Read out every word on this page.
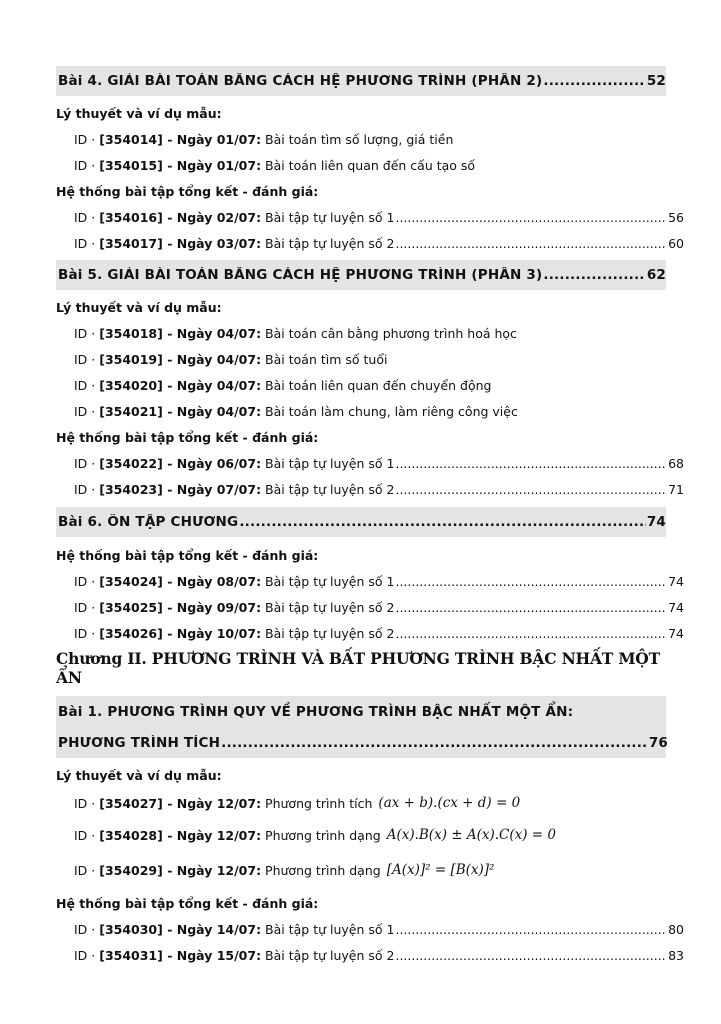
Bài 4. GIẢI BÀI TOÁN BẰNG CÁCH HỆ PHƯƠNG TRÌNH (PHẦN 2) .....	52
Lý thuyết và ví dụ mẫu:
ID · [354014] - Ngày 01/07: Bài toán tìm số lượng, giá tiền
ID · [354015] - Ngày 01/07: Bài toán liên quan đến cấu tạo số
Hệ thống bài tập tổng kết - đánh giá:
ID · [354016] - Ngày 02/07: Bài tập tự luyện số 1 .....	56
ID · [354017] - Ngày 03/07: Bài tập tự luyện số 2 .....	60
Bài 5. GIẢI BÀI TOÁN BẰNG CÁCH HỆ PHƯƠNG TRÌNH (PHẦN 3) .....	62
Lý thuyết và ví dụ mẫu:
ID · [354018] - Ngày 04/07: Bài toán cân bằng phương trình hoá học
ID · [354019] - Ngày 04/07: Bài toán tìm số tuổi
ID · [354020] - Ngày 04/07: Bài toán liên quan đến chuyển động
ID · [354021] - Ngày 04/07: Bài toán làm chung, làm riêng công việc
Hệ thống bài tập tổng kết - đánh giá:
ID · [354022] - Ngày 06/07: Bài tập tự luyện số 1 .....	68
ID · [354023] - Ngày 07/07: Bài tập tự luyện số 2 .....	71
Bài 6. ÔN TẬP CHƯƠNG .....	74
Hệ thống bài tập tổng kết - đánh giá:
ID · [354024] - Ngày 08/07: Bài tập tự luyện số 1 .....	74
ID · [354025] - Ngày 09/07: Bài tập tự luyện số 2 .....	74
ID · [354026] - Ngày 10/07: Bài tập tự luyện số 2 .....	74
Chương II. PHƯƠNG TRÌNH VÀ BẤT PHƯƠNG TRÌNH BẬC NHẤT MỘT ẨN
Bài 1. PHƯƠNG TRÌNH QUY VỀ PHƯƠNG TRÌNH BẬC NHẤT MỘT ẨN:
PHƯƠNG TRÌNH TÍCH .....	76
Lý thuyết và ví dụ mẫu:
ID · [354027] - Ngày 12/07: Phương trình tích (ax + b).(cx + d) = 0
ID · [354028] - Ngày 12/07: Phương trình dạng A(x).B(x) ± A(x).C(x) = 0
ID · [354029] - Ngày 12/07: Phương trình dạng [A(x)]² = [B(x)]²
Hệ thống bài tập tổng kết - đánh giá:
ID · [354030] - Ngày 14/07: Bài tập tự luyện số 1 .....	80
ID · [354031] - Ngày 15/07: Bài tập tự luyện số 2 .....	83
